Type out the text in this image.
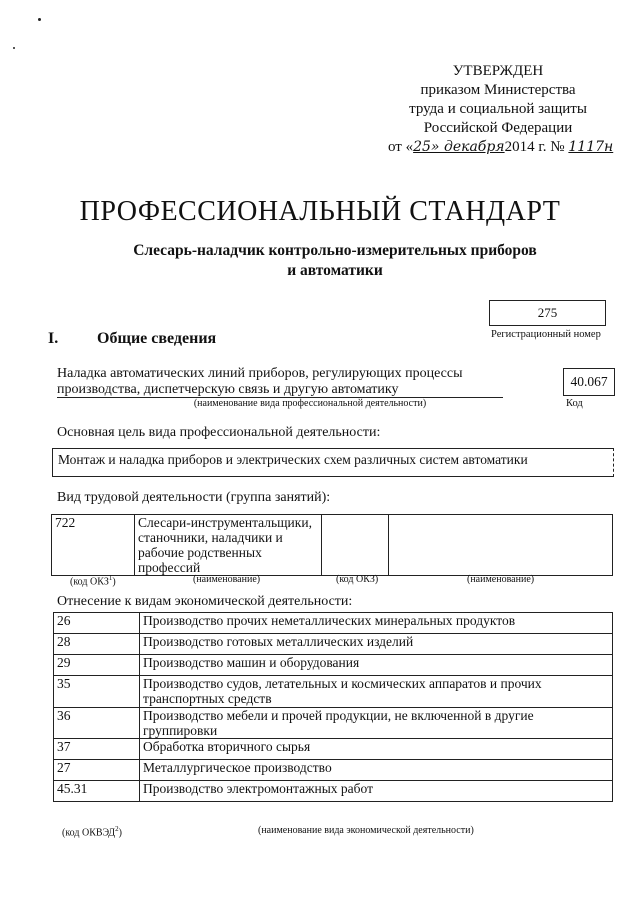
УТВЕРЖДЕН
приказом Министерства
труда и социальной защиты
Российской Федерации
от «25» декабря2014 г. № 1117н
ПРОФЕССИОНАЛЬНЫЙ СТАНДАРТ
Слесарь-наладчик контрольно-измерительных приборов
и автоматики
275
Регистрационный номер
I. Общие сведения
Наладка автоматических линий приборов, регулирующих процессы производства, диспетчерскую связь и другую автоматику
(наименование вида профессиональной деятельности)
40.067
Код
Основная цель вида профессиональной деятельности:
Монтаж и наладка приборов и электрических схем различных систем автоматики
Вид трудовой деятельности (группа занятий):
722	Слесари-инструментальщики, станочники, наладчики и рабочие родственных профессий		
(код ОКЗ$^1$)	(наименование)	(код ОКЗ)	(наименование)
Отнесение к видам экономической деятельности:
26	Производство прочих неметаллических минеральных продуктов
28	Производство готовых металлических изделий
29	Производство машин и оборудования
35	Производство судов, летательных и космических аппаратов и прочих транспортных средств
36	Производство мебели и прочей продукции, не включенной в другие группировки
37	Обработка вторичного сырья
27	Металлургическое производство
45.31	Производство электромонтажных работ
(код ОКВЭД$^2$)	(наименование вида экономической деятельности)
